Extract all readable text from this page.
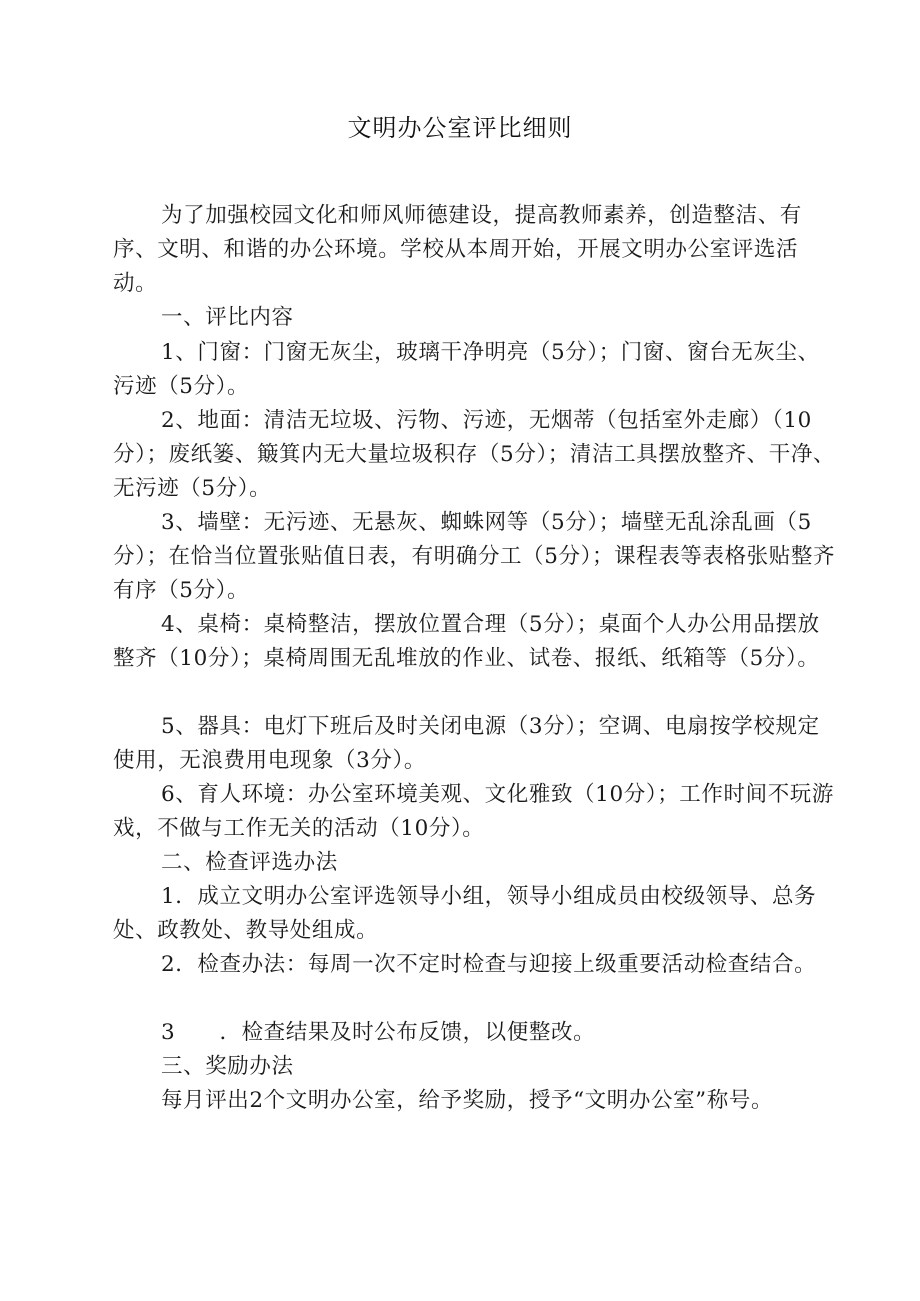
文明办公室评比细则

为了加强校园文化和师风师德建设，提高教师素养，创造整洁、有序、文明、和谐的办公环境。学校从本周开始，开展文明办公室评选活动。

一、评比内容

1、门窗：门窗无灰尘，玻璃干净明亮（5分）；门窗、窗台无灰尘、污迹（5分）。

2、地面：清洁无垃圾、污物、污迹，无烟蒂（包括室外走廊）（10分）；废纸篓、簸箕内无大量垃圾积存（5分）；清洁工具摆放整齐、干净、无污迹（5分）。

3、墙壁：无污迹、无悬灰、蜘蛛网等（5分）；墙壁无乱涂乱画（5分）；在恰当位置张贴值日表，有明确分工（5分）；课程表等表格张贴整齐有序（5分）。

4、桌椅：桌椅整洁，摆放位置合理（5分）；桌面个人办公用品摆放整齐（10分）；桌椅周围无乱堆放的作业、试卷、报纸、纸箱等（5分）。

5、器具：电灯下班后及时关闭电源（3分）；空调、电扇按学校规定使用，无浪费用电现象（3分）。

6、育人环境：办公室环境美观、文化雅致（10分）；工作时间不玩游戏，不做与工作无关的活动（10分）。

二、检查评选办法

1．成立文明办公室评选领导小组，领导小组成员由校级领导、总务处、政教处、教导处组成。

2．检查办法：每周一次不定时检查与迎接上级重要活动检查结合。

3　　．检查结果及时公布反馈，以便整改。

三、奖励办法

每月评出2个文明办公室，给予奖励，授予“文明办公室”称号。
